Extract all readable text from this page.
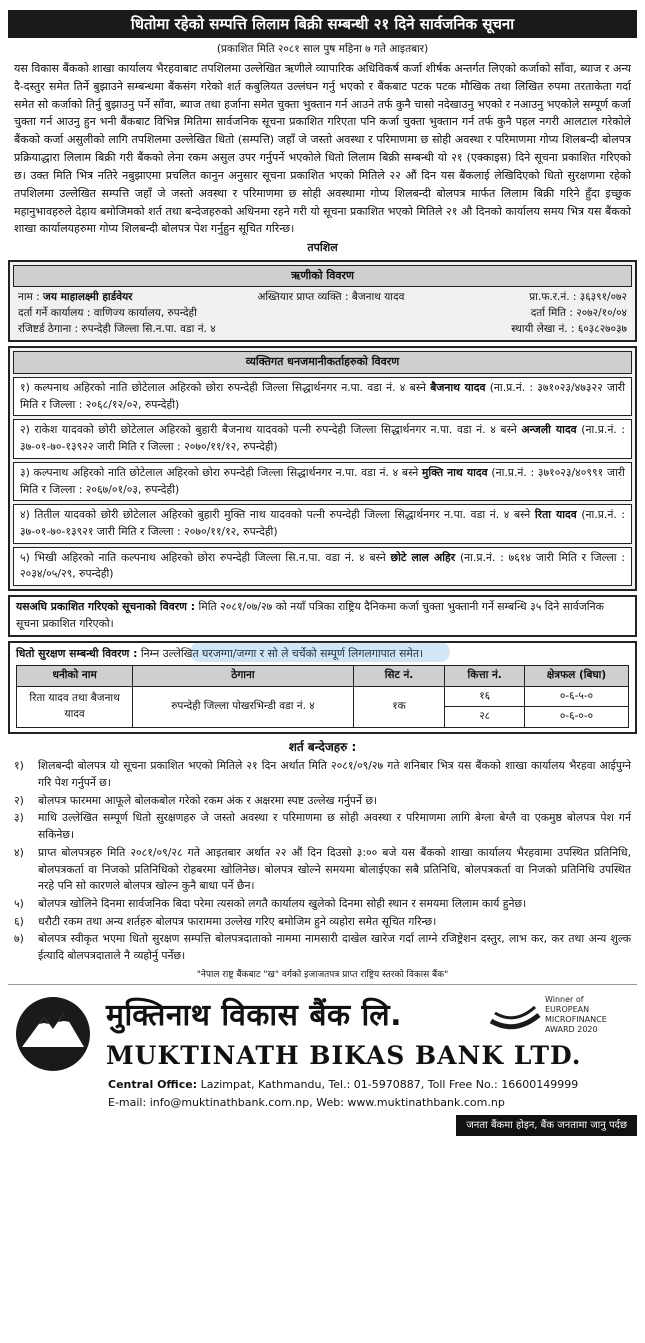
धितोमा रहेको सम्पत्ति लिलाम बिक्री सम्बन्धी २१ दिने सार्वजनिक सूचना
(प्रकाशित मिति २०८१ साल पुष महिना ७ गते आइतबार)

यस विकास बैंकको शाखा कार्यालय भैरहवाबाट तपशिलमा उल्लेखित ऋणीले व्यापारिक अधिविकर्ष कर्जा शीर्षक अन्तर्गत लिएको कर्जाको साँवा, ब्याज र अन्य दै-दस्तुर समेत तिर्ने बुझाउने सम्बन्धमा बैंकसंग गरेको शर्त कबुलियत उल्लंघन गर्नु भएको र बैंकबाट पटक पटक मौखिक तथा लिखित रुपमा तरताकेता गर्दा समेत सो कर्जाको तिर्नु बुझाउनु पर्ने साँवा, ब्याज तथा हर्जाना समेत चुक्ता भुक्तान गर्न आउने तर्फ कुनै चासो नदेखाउनु भएको र नआउनु भएकोले सम्पूर्ण कर्जा चुक्ता गर्न आउनु हुन भनी बैंकबाट विभिन्न मितिमा सार्वजनिक सूचना प्रकाशित गरिएता पनि कर्जा चुक्ता भुक्तान गर्न तर्फ कुनै पहल नगरी आलटाल गरेकोले बैंकको कर्जा असुलीको लागि तपशिलमा उल्लेखित धितो (सम्पत्ति) जहाँ जे जस्तो अवस्था र परिमाणमा छ सोही अवस्था र परिमाणमा गोप्य शिलबन्दी बोलपत्र प्रक्रियाद्धारा लिलाम बिक्री गरी बैंकको लेना रकम असुल उपर गर्नुपर्ने भएकोले धितो लिलाम बिक्री सम्बन्धी यो २१ (एक्काइस) दिने सूचना प्रकाशित गरिएको छ। उक्त मिति भित्र नतिरे नबुझाएमा प्रचलित कानुन अनुसार सूचना प्रकाशित भएको मितिले २२ औं दिन यस बैंकलाई लेखिदिएको धितो सुरक्षणमा रहेको तपशिलमा उल्लेखित सम्पत्ति जहाँ जे जस्तो अवस्था र परिमाणमा छ सोही अवस्थामा गोप्य शिलबन्दी बोलपत्र मार्फत लिलाम बिक्री गरिने हुँदा इच्छुक महानुभावहरुले देहाय बमोजिमको शर्त तथा बन्देजहरुको अधिनमा रहने गरी यो सूचना प्रकाशित भएको मितिले २१ औ दिनको कार्यालय समय भित्र यस बैंकको शाखा कार्यालयहरुमा गोप्य शिलबन्दी बोलपत्र पेश गर्नुहुन सूचित गरिन्छ।

तपशिल
ऋणीको विवरण
नाम : जय माहालक्ष्मी हार्डवेयर	अख्तियार प्राप्त व्यक्ति : बैजनाथ यादव	प्रा.फ.र.नं. : ३६३९१/०७२
दर्ता गर्ने कार्यालय : वाणिज्य कार्यालय, रुपन्देही	दर्ता मिति : २०७२/१०/०४
रजिष्टर्ड ठेगाना : रुपन्देही जिल्ला सि.न.पा. वडा नं. ४	स्थायी लेखा नं. : ६०३८२७०३७
व्यक्तिगत धनजमानीकर्ताहरुको विवरण
१) कल्पनाथ अहिरको नाति छोटेलाल अहिरको छोरा रुपन्देही जिल्ला सिद्धार्थनगर न.पा. वडा नं. ४ बस्ने बैजनाथ यादव (ना.प्र.नं. : ३७१०२३/४७३२२ जारी मिति र जिल्ला : २०६८/१२/०२, रुपन्देही)
२) राकेश यादवको छोरी छोटेलाल अहिरको बुहारी बैजनाथ यादवको पत्नी रुपन्देही जिल्ला सिद्धार्थनगर न.पा. वडा नं. ४ बस्ने अन्जली यादव (ना.प्र.नं. : ३७-०१-७०-१३९२२ जारी मिति र जिल्ला : २०७०/११/१२, रुपन्देही)
३) कल्पनाथ अहिरको नाति छोटेलाल अहिरको छोरा रुपन्देही जिल्ला सिद्धार्थनगर न.पा. वडा नं. ४ बस्ने मुक्ति नाथ यादव (ना.प्र.नं. : ३७१०२३/४०९९१ जारी मिति र जिल्ला : २०६७/०१/०३, रुपन्देही)
४) तितील यादवको छोरी छोटेलाल अहिरको बुहारी मुक्ति नाथ यादवको पत्नी रुपन्देही जिल्ला सिद्धार्थनगर न.पा. वडा नं. ४ बस्ने रिता यादव (ना.प्र.नं. : ३७-०१-७०-१३९२१ जारी मिति र जिल्ला : २०७०/११/१२, रुपन्देही)
५) भिखी अहिरको नाति कल्पनाथ अहिरको छोरा रुपन्देही जिल्ला सि.न.पा. वडा नं. ४ बस्ने छोटे लाल अहिर (ना.प्र.नं. : ७६१४ जारी मिति र जिल्ला : २०३४/०५/२९, रुपन्देही)
यसअघि प्रकाशित गरिएको सूचनाको विवरण : मिति २०८१/०७/२७ को नयाँ पत्रिका राष्ट्रिय दैनिकमा कर्जा चुक्ता भुक्तानी गर्ने सम्बन्धि ३५ दिने सार्वजनिक सूचना प्रकाशित गरिएको।
धितो सुरक्षण सम्बन्धी विवरण : निम्न उल्लेखित घरजग्गा/जग्गा र सो ले चर्चेको सम्पूर्ण लिगलगापात समेत।
धनीको नाम	ठेगाना	सिट नं.	कित्ता नं.	क्षेत्रफल (बिघा)
रिता यादव तथा बैजनाथ यादव	रुपन्देही जिल्ला पोखरभिन्डी वडा नं. ४	१क	१६	०-६-५-०
			२८	०-६-०-०
शर्त बन्देजहरु :
१)	शिलबन्दी बोलपत्र यो सूचना प्रकाशित भएको मितिले २१ दिन अर्थात मिति २०८१/०९/२७ गते शनिबार भित्र यस बैंकको शाखा कार्यालय भैरहवा आईपुग्ने गरि पेश गर्नुपर्ने छ।
२)	बोलपत्र फारममा आफूले बोलकबोल गरेको रकम अंक र अक्षरमा स्पष्ट उल्लेख गर्नुपर्ने छ।
३)	माथि उल्लेखित सम्पूर्ण धितो सुरक्षणहरु जे जस्तो अवस्था र परिमाणमा छ सोही अवस्था र परिमाणमा लागि बेग्ला बेग्लै वा एकमुष्ठ बोलपत्र पेश गर्न सकिनेछ।
४)	प्राप्त बोलपत्रहरु मिति २०८१/०९/२८ गते आइतबार अर्थात २२ औं दिन दिउसो ३:०० बजे यस बैंकको शाखा कार्यालय भैरहवामा उपस्थित प्रतिनिधि, बोलपत्रकर्ता वा निजको प्रतिनिधिको रोहबरमा खोलिनेछ। बोलपत्र खोल्ने समयमा बोलाईएका सबै प्रतिनिधि, बोलपत्रकर्ता वा निजको प्रतिनिधि उपस्थित नरहे पनि सो कारणले बोलपत्र खोल्न कुनै बाधा पर्ने छैन।
५)	बोलपत्र खोलिने दिनमा सार्वजनिक बिदा परेमा त्यसको लगतै कार्यालय खुलेको दिनमा सोही स्थान र समयमा लिलाम कार्य हुनेछ।
६)	धरौटी रकम तथा अन्य शर्तहरु बोलपत्र फाराममा उल्लेख गरिए बमोजिम हुने व्यहोरा समेत सूचित गरिन्छ।
७)	बोलपत्र स्वीकृत भएमा धितो सुरक्षण सम्पत्ति बोलपत्रदाताको नाममा नामसारी दाखेल खारेज गर्दा लाग्ने रजिष्ट्रेशन दस्तुर, लाभ कर, कर तथा अन्य शुल्क ईत्यादि बोलपत्रदाताले नै व्यहोर्नु पर्नेछ।
"नेपाल राष्ट्र बैंकबाट "ख" वर्गको इजाजतपत्र प्राप्त राष्ट्रिय स्तरको विकास बैंक"
मुक्तिनाथ विकास बैंक लि.
MUKTINATH BIKAS BANK LTD.
Winner of
EUROPEAN
MICROFINANCE
AWARD 2020
Central Office: Lazimpat, Kathmandu, Tel.: 01-5970887, Toll Free No.: 16600149999
E-mail: info@muktinathbank.com.np, Web: www.muktinathbank.com.np
जनता बैंकमा होइन, बैंक जनतामा जानु पर्दछ
